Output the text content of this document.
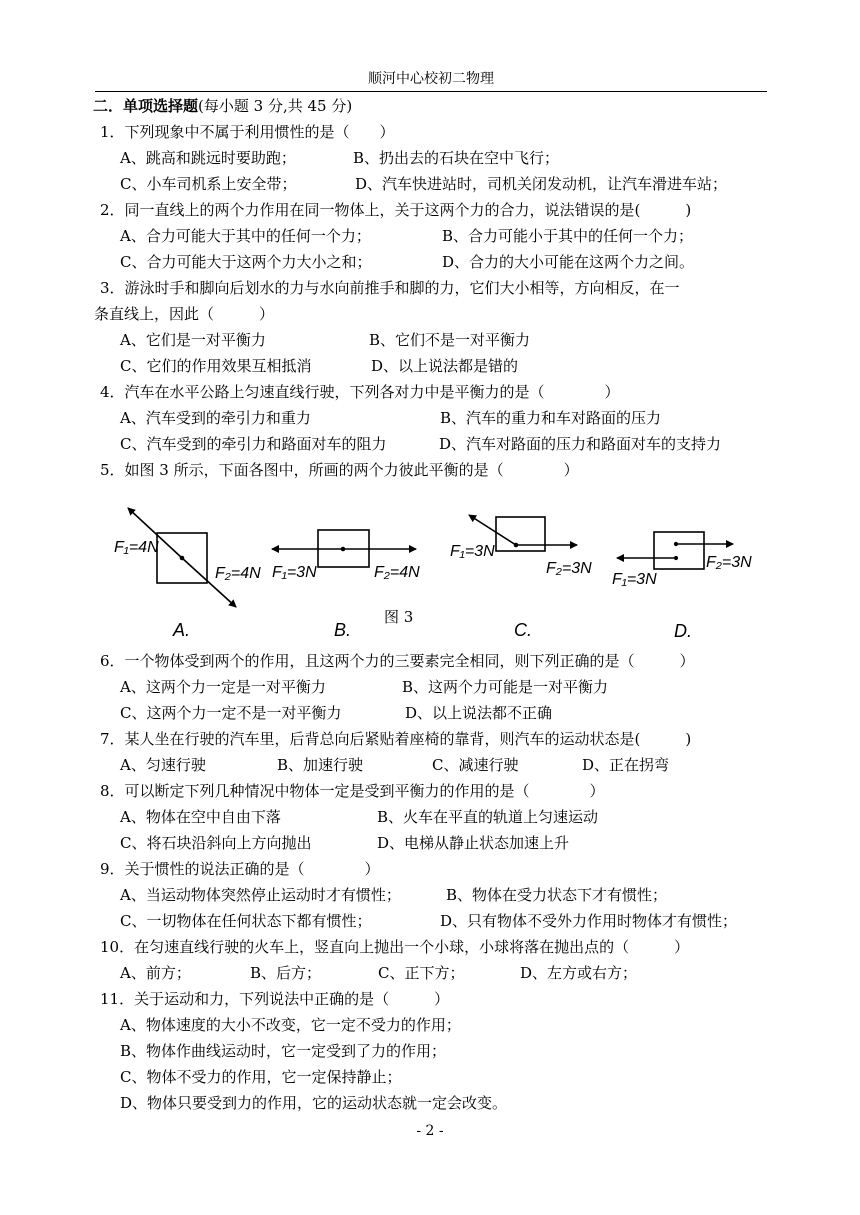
顺河中心校初二物理
二．单项选择题(每小题 3 分,共 45 分)
1．下列现象中不属于利用惯性的是（　　）
A、跳高和跳远时要助跑；	B、扔出去的石块在空中飞行；
C、小车司机系上安全带；	D、汽车快进站时，司机关闭发动机，让汽车滑进车站；
2．同一直线上的两个力作用在同一物体上，关于这两个力的合力，说法错误的是(　　　)
A、合力可能大于其中的任何一个力；	B、合力可能小于其中的任何一个力；
C、合力可能大于这两个力大小之和；	D、合力的大小可能在这两个力之间。
3．游泳时手和脚向后划水的力与水向前推手和脚的力，它们大小相等，方向相反，在一
条直线上，因此（　　　）
A、它们是一对平衡力	B、它们不是一对平衡力
C、它们的作用效果互相抵消	D、以上说法都是错的
4．汽车在水平公路上匀速直线行驶，下列各对力中是平衡力的是（　　　　）
A、汽车受到的牵引力和重力	B、汽车的重力和车对路面的压力
C、汽车受到的牵引力和路面对车的阻力	D、汽车对路面的压力和路面对车的支持力
5．如图 3 所示，下面各图中，所画的两个力彼此平衡的是（　　　　）
F₁=4N
F₂=4N
A.
F₁=3N	F₂=4N
B.
F₁=3N
F₂=3N
C.
F₁=3N
F₂=3N
D.
图 3
6．一个物体受到两个的作用，且这两个力的三要素完全相同，则下列正确的是（　　　）
A、这两个力一定是一对平衡力	B、这两个力可能是一对平衡力
C、这两个力一定不是一对平衡力	D、以上说法都不正确
7．某人坐在行驶的汽车里，后背总向后紧贴着座椅的靠背，则汽车的运动状态是(　　　)
A、匀速行驶	B、加速行驶	C、减速行驶	D、正在拐弯
8．可以断定下列几种情况中物体一定是受到平衡力的作用的是（　　　　）
A、物体在空中自由下落	B、火车在平直的轨道上匀速运动
C、将石块沿斜向上方向抛出	D、电梯从静止状态加速上升
9．关于惯性的说法正确的是（　　　　）
A、当运动物体突然停止运动时才有惯性；	B、物体在受力状态下才有惯性；
C、一切物体在任何状态下都有惯性；	D、只有物体不受外力作用时物体才有惯性；
10．在匀速直线行驶的火车上，竖直向上抛出一个小球，小球将落在抛出点的（　　　）
A、前方；	B、后方；	C、正下方；	D、左方或右方；
11．关于运动和力，下列说法中正确的是（　　　）
A、物体速度的大小不改变，它一定不受力的作用；
B、物体作曲线运动时，它一定受到了力的作用；
C、物体不受力的作用，它一定保持静止；
D、物体只要受到力的作用，它的运动状态就一定会改变。
- 2 -
